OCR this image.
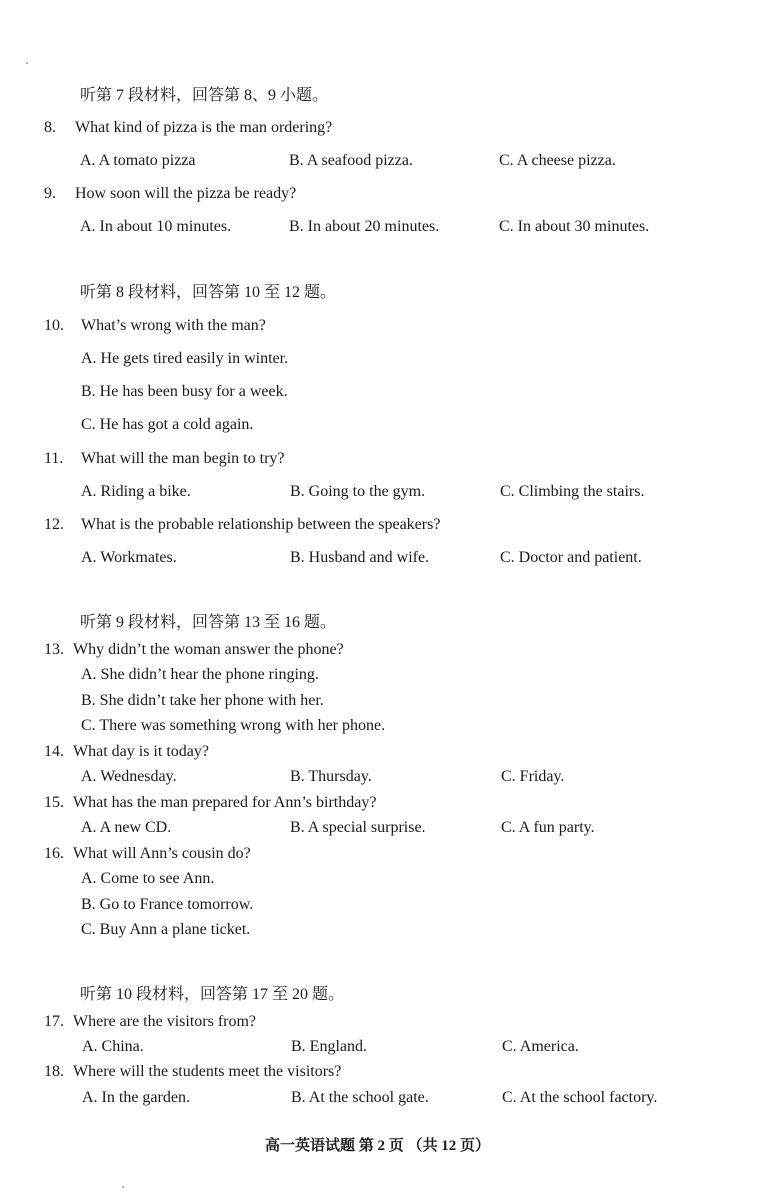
听第 7 段材料，回答第 8、9 小题。
8. What kind of pizza is the man ordering?
A. A tomato pizza	B. A seafood pizza.	C. A cheese pizza.
9. How soon will the pizza be ready?
A. In about 10 minutes.	B. In about 20 minutes.	C. In about 30 minutes.
听第 8 段材料，回答第 10 至 12 题。
10. What’s wrong with the man?
A. He gets tired easily in winter.
B. He has been busy for a week.
C. He has got a cold again.
11. What will the man begin to try?
A. Riding a bike.	B. Going to the gym.	C. Climbing the stairs.
12. What is the probable relationship between the speakers?
A. Workmates.	B. Husband and wife.	C. Doctor and patient.
听第 9 段材料，回答第 13 至 16 题。
13. Why didn’t the woman answer the phone?
A. She didn’t hear the phone ringing.
B. She didn’t take her phone with her.
C. There was something wrong with her phone.
14. What day is it today?
A. Wednesday.	B. Thursday.	C. Friday.
15. What has the man prepared for Ann’s birthday?
A. A new CD.	B. A special surprise.	C. A fun party.
16. What will Ann’s cousin do?
A. Come to see Ann.
B. Go to France tomorrow.
C. Buy Ann a plane ticket.
听第 10 段材料，回答第 17 至 20 题。
17. Where are the visitors from?
A. China.	B. England.	C. America.
18. Where will the students meet the visitors?
A. In the garden.	B. At the school gate.	C. At the school factory.
高一英语试题 第 2 页 （共 12 页）
